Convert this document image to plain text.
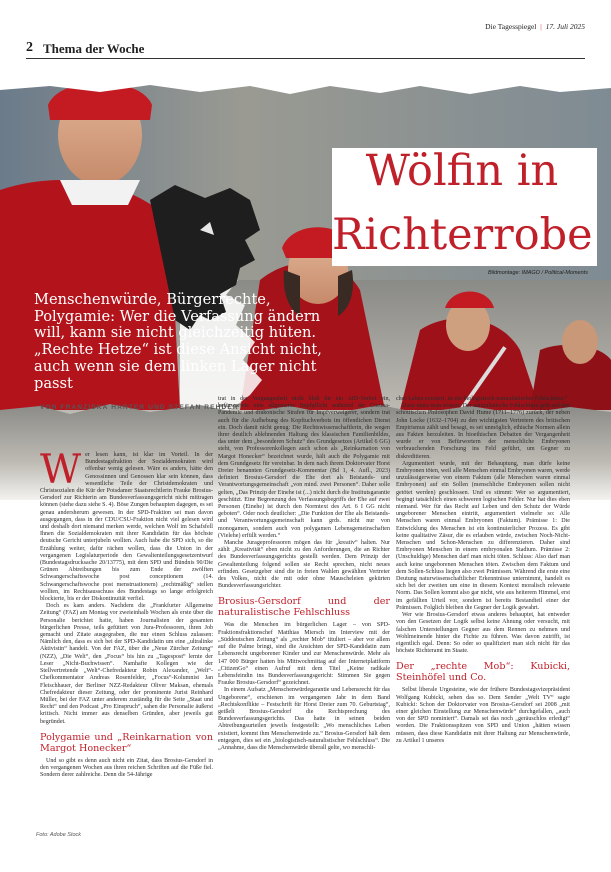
Die Tagesspiegel | 17. Juli 2025
2 Thema der Woche
Wölfin in
Richterrobe
Bildmontage: IMAGO / Political-Moments
Menschenwürde, Bürgerrechte, Polygamie: Wer die Verfassung ändern will, kann sie nicht gleichzeitig hüten. „Rechte Hetze“ ist diese Ansicht nicht, auch wenn sie dem linken Lager nicht passt
VON FRANZISKA HARTER UND STEFAN REHDER

Wer lesen kann, ist klar im Vorteil. In der Bundestagsfraktion der Sozialdemokraten wird offenbar wenig gelesen. Wäre es anders, hätte den Genossinnen und Genossen klar sein können, dass wesentliche Teile der Christdemokraten und Christsozialen die Kür der Potsdamer Staatsrechtlerin Frauke Brosius-Gersdorf zur Richterin am Bundesverfassungsgericht nicht mittragen können (siehe dazu siehe S. 4). Böse Zungen behaupten dagegen, es sei genau andersherum gewesen. In der SPD-Fraktion sei man davon ausgegangen, dass in der CDU/CSU-Fraktion nicht viel gelesen wird und deshalb dort niemand merken werde, welchen Wolf im Schafsfell Ihnen die Sozialdemokraten mit ihrer Kandidatin für das höchste deutsche Gericht unterjubeln wollten. Auch habe die SPD sich, so die Erzählung weiter, dafür rächen wollen, dass die Union in der vergangenen Legislaturperiode den Gewaltenteilungsgesetzentwurf (Bundestagsdrucksache 20/13775), mit dem SPD und Bündnis 90/Die Grünen Abtreibungen bis zum Ende der zwölften Schwangerschaftswoche post conceptionem (14. Schwangerschaftswoche post menstruationem) „rechtmäßig“ stellen wollten, im Rechtsausschuss des Bundestags so lange erfolgreich blockierte, bis er der Diskontinuität verfiel.

Doch es kam anders. Nachdem die „Frankfurter Allgemeine Zeitung“ (FAZ) am Montag vor zweieinhalb Wochen als erste über die Personalie berichtet hatte, haben Journalisten der gesamten bürgerlichen Presse, teils gefüttert von Jura-Professoren, ihren Job gemacht und Zitate ausgegraben, die nur einen Schluss zulassen: Nämlich den, dass es sich bei der SPD-Kandidatin um eine „ultralinke Aktivistin“ handelt. Von der FAZ, über die „Neue Zürcher Zeitung“ (NZZ), „Die Welt“, den „Focus“ bis hin zu „Tagespost“ lernte der Leser „Nicht-Buchwissen“. Namhafte Kollegen wie der Stellvertretende „Welt“-Chefredakteur Robin Alexander, „Welt“-Chefkommentator Andreas Rosenfelder, „Focus“-Kolumnist Jan Fleischhauer, der Berliner NZZ-Redakteur Oliver Maksan, ehemals Chefredakteur dieser Zeitung, oder der prominente Jurist Reinhard Müller, bei der FAZ unter anderem zuständig für die Seite „Staat und Recht“ und den Podcast „Pro Einspruch“, sahen die Personalie äußerst kritisch. Nicht immer aus denselben Gründen, aber jeweils gut begründet.

Polygamie und „Reinkarnation von Margot Honecker“

Und so gibt es denn auch nicht ein Zitat, dass Brosius-Gersdorf in den vergangenen Wochen aus ihren reichen Schriften auf die Füße fiel. Sondern derer zahlreiche. Denn die 54-Jährige

trat in der Vergangenheit nicht bloß für ein AfD-Verbot ein, befürwortete eine allgemeine Impfpflicht während der Corona-Pandemie und drakonische Strafen für Impfverweigerer, sondern trat auch für die Aufhebung des Kopftuchverbots im öffentlichen Dienst ein. Doch damit nicht genug: Die Rechtswissenschaftlerin, die wegen ihrer deutlich ablehnenden Haltung des klassischen Familienbildes, das unter dem „besonderen Schutz“ des Grundgesetzes (Artikel 6 GG) steht, von Professorenkollegen auch schon als „Reinkarnation von Margot Honecker“ bezeichnet wurde, hält auch die Polygamie mit dem Grundgesetz für vereinbar. In dem nach ihrem Doktorvater Horst Dreier benannten Grundgesetz-Kommentar (Bd 1, 4. Aufl., 2023) definiert Brosius-Gersdorf die Ehe dort als Beistands- und Verantwortungsgemeinschaft „von mind. zwei Personen“. Daher solle gelten, „Das Prinzip der Einehe ist (...) nicht durch die Institutsgarantie geschützt. Eine Begrenzung des Verfassungsbegriffs der Ehe auf zwei Personen (Einehe) ist durch den Normtext des Art. 6 I GG nicht geboten“. Oder noch deutlicher: „Die Funktion der Ehe als Beistands- und Verantwortungsgemeinschaft kann grds. nicht nur von monogamen, sondern auch von polygamen Lebensgemeinschaften (Vielehe) erfüllt werden.“

Manche Jurageprofessoren mögen das für „kreativ“ halten. Nur zählt „Kreativität“ eben nicht zu den Anforderungen, die an Richter des Bundesverfassungsgerichts gestellt werden. Dem Prinzip der Gewaltenteilung folgend sollen sie Recht sprechen, nicht neues erfinden. Gesetzgeber sind die in freien Wahlen gewählten Vertreter des Volkes, nicht die mit oder ohne Mauscheleien gekürten Bundesverfassungsrichter.

Brosius-Gersdorf und der naturalistische Fehlschluss

Was die Menschen im bürgerlichen Lager – von SPD-Fraktionsfraktionschef Matthias Miersch im Interview mit der „Süddeutschen Zeitung“ als „rechter Mob“ tituliert – aber vor allem auf die Palme bringt, sind die Ansichten der SPD-Kandidatin zum Lebensrecht ungeborener Kinder und zur Menschenwürde. Mehr als 147 000 Bürger hatten bis Mittwochmittag auf der Internetplattform „CitizenGo“ einen Aufruf mit dem Titel „Keine radikale Lebensfeindin ins Bundesverfassungsgericht: Stimmen Sie gegen Frauke Brosius-Gersdorf“ gezeichnet.

In einem Aufsatz „Menschenwürdegarantie und Lebensrecht für das Ungeborene“, erschienen im vergangenen Jahr in dem Band „Rechtskonflikte – Festschrift für Horst Dreier zum 70. Geburtstag“, geißelt Brosius-Gersdorf die Rechtsprechung des Bundesverfassungsgerichts. Das hatte in seinen beiden Abtreibungsurteilen jeweils festgestellt: „Wo menschliches Leben existiert, kommt ihm Menschenwürde zu.“ Brosius-Gersdorf hält dem entgegen, dies sei ein „biologistisch-naturalistischer Fehlschluss“. Die „Annahme, dass die Menschenwürde überall gelte, wo menschli-

ches Leben existiert, ist ein biologistisch-naturalistischer Fehlschluss.“

Dazu muss man wissen: Der naturalistische Fehlschluss geht auf den schottischen Philosophen David Hume (1711–1776) zurück, der neben John Locke (1632–1704) zu den wichtigsten Vertretern des britischen Empirismus zählt und besagt, es sei unmöglich, ethische Normen allein aus Fakten herzuleiten. In bioethischen Debatten der Vergangenheit wurde er von Befürwortern der menschliche Embryonen verbrauchenden Forschung ins Feld geführt, um Gegner zu diskreditieren.

Argumentiert wurde, mit der Behauptung, man dürfe keine Embryonen töten, weil alle Menschen einmal Embryonen waren, werde unzulässigerweise von einem Faktum (alle Menschen waren einmal Embryonen) auf ein Sollen (menschliche Embryonen sollen nicht getötet werden) geschlossen. Und es stimmt: Wer so argumentiert, begingt tatsächlich einen schweren logischen Fehler. Nur hat dies eben niemand. Wer für das Recht auf Leben und den Schutz der Würde ungeborener Menschen eintritt, argumentiert vielmehr so: Alle Menschen waren einmal Embryonen (Faktum). Prämisse 1: Die Entwicklung des Menschen ist ein kontinuierlicher Prozess. Es gibt keine qualitative Zäsur, die es erlauben würde, zwischen Noch-Nicht-Menschen und Schon-Menschen zu differenzieren. Daher sind Embryonen Menschen in einem embryonalen Stadium. Prämisse 2: (Unschuldige) Menschen darf man nicht töten. Schluss: Also darf man auch keine ungeborenen Menschen töten. Zwischen dem Faktum und dem Sollen-Schluss liegen also zwei Prämissen. Während die erste eine Deutung naturwissenschaftlicher Erkenntnisse unternimmt, handelt es sich bei der zweiten um eine in diesem Kontext moralisch relevante Norm. Das Sollen kommt also gar nicht, wie aus heiterem Himmel, erst im gefällten Urteil vor, sondern ist bereits Bestandteil einer der Prämissen. Folglich bleiben die Gegner der Logik gewahrt.

Wer wie Brosius-Gersdorf etwas anderes behauptet, hat entweder von den Gesetzen der Logik selbst keine Ahnung oder versucht, mit falschen Unterstellungen Gegner aus dem Rennen zu nehmen und Wohlmeinende hinter die Fichte zu führen. Was davon zutrifft, ist eigentlich egal. Denn: So oder so qualifiziert man sich nicht für das höchste Richteramt im Staate.

Der „rechte Mob“: Kubicki, Steinhöfel und Co.

Selbst liberale Urgesteine, wie der frühere Bundestagsvizepräsident Wolfgang Kubicki, sehen das so. Dem Sender „Welt TV“ sagte Kubicki: Schon der Doktorvater von Brosius-Gersdorf sei 2008 „mit einer gleichen Einstellung zur Menschenwürde“ durchgefallen, „auch von der SPD nominiert“. Damals sei das noch „geräuschlos erledigt“ worden. Die Fraktionsspitzen von SPD und Union „hätten wissen müssen, dass diese Kandidatin mit ihrer Haltung zur Menschenwürde, zu Artikel 1 unseres

Foto: Adobe Stock
